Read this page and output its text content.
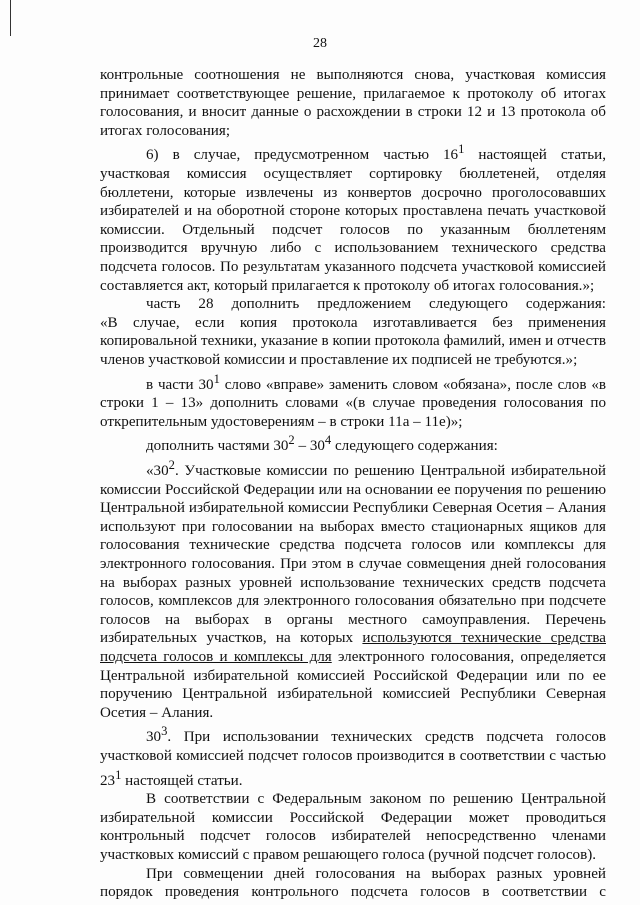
28

контрольные соотношения не выполняются снова, участковая комиссия принимает соответствующее решение, прилагаемое к протоколу об итогах голосования, и вносит данные о расхождении в строки 12 и 13 протокола об итогах голосования;

6) в случае, предусмотренном частью $16^1$ настоящей статьи, участковая комиссия осуществляет сортировку бюллетеней, отделяя бюллетени, которые извлечены из конвертов досрочно проголосовавших избирателей и на оборотной стороне которых проставлена печать участковой комиссии. Отдельный подсчет голосов по указанным бюллетеням производится вручную либо с использованием технического средства подсчета голосов. По результатам указанного подсчета участковой комиссией составляется акт, который прилагается к протоколу об итогах голосования.»;

часть 28 дополнить предложением следующего содержания:

«В случае, если копия протокола изготавливается без применения копировальной техники, указание в копии протокола фамилий, имен и отчеств членов участковой комиссии и проставление их подписей не требуются.»;

в части $30^1$ слово «вправе» заменить словом «обязана», после слов «в строки 1 – 13» дополнить словами «(в случае проведения голосования по открепительным удостоверениям – в строки 11а – 11е)»;

дополнить частями $30^2 - 30^4$ следующего содержания:

«$30^2$. Участковые комиссии по решению Центральной избирательной комиссии Российской Федерации или на основании ее поручения по решению Центральной избирательной комиссии Республики Северная Осетия – Алания используют при голосовании на выборах вместо стационарных ящиков для голосования технические средства подсчета голосов или комплексы для электронного голосования. При этом в случае совмещения дней голосования на выборах разных уровней использование технических средств подсчета голосов, комплексов для электронного голосования обязательно при подсчете голосов на выборах в органы местного самоуправления. Перечень избирательных участков, на которых используются технические средства подсчета голосов и комплексы для электронного голосования, определяется Центральной избирательной комиссией Российской Федерации или по ее поручению Центральной избирательной комиссией Республики Северная Осетия – Алания.

$30^3$. При использовании технических средств подсчета голосов участковой комиссией подсчет голосов производится в соответствии с частью $23^1$ настоящей статьи.

В соответствии с Федеральным законом по решению Центральной избирательной комиссии Российской Федерации может проводиться контрольный подсчет голосов избирателей непосредственно членами участковых комиссий с правом решающего голоса (ручной подсчет голосов).

При совмещении дней голосования на выборах разных уровней порядок проведения контрольного подсчета голосов в соответствии с
